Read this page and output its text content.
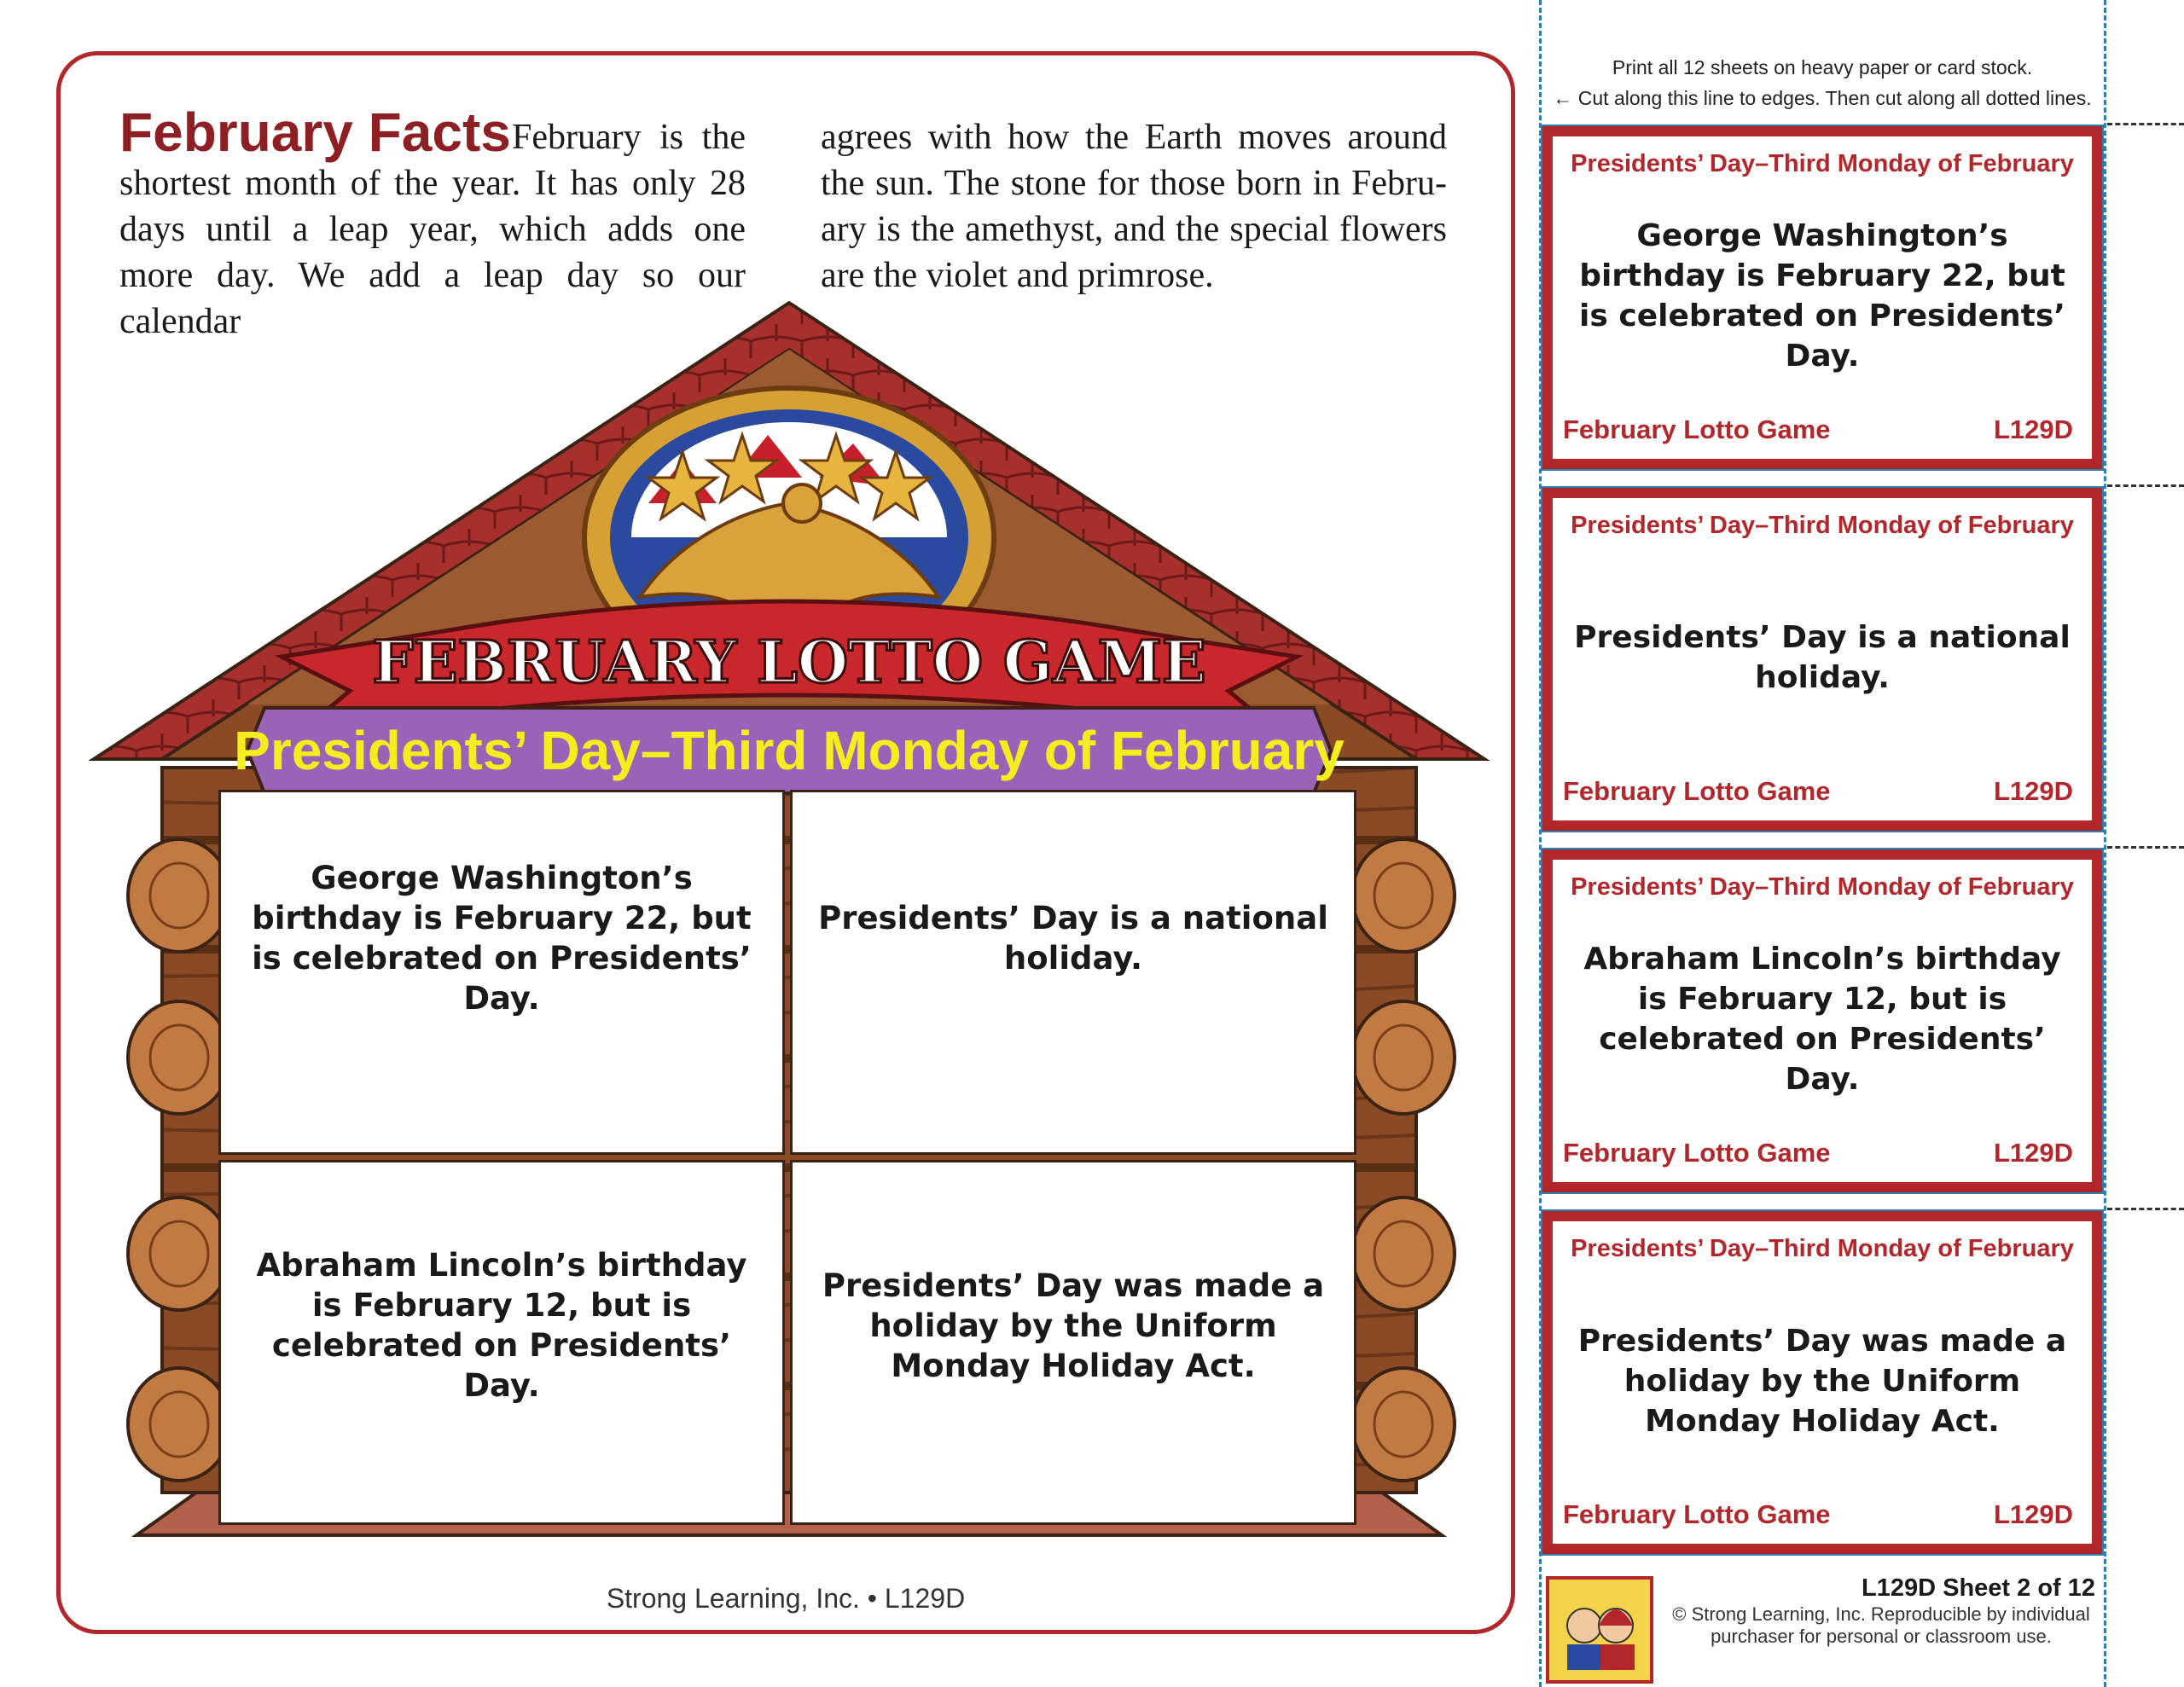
February Facts February is the shortest month of the year. It has only 28 days until a leap year, which adds one more day. We add a leap day so our calendar
agrees with how the Earth moves around the sun. The stone for those born in Febru-ary is the amethyst, and the special flowers are the violet and primrose.
FEBRUARY LOTTO GAME
Presidents’ Day–Third Monday of February
George Washington’s birthday is February 22, but is celebrated on Presidents’ Day.
Presidents’ Day is a national holiday.
Abraham Lincoln’s birthday is February 12, but is celebrated on Presidents’ Day.
Presidents’ Day was made a holiday by the Uniform Monday Holiday Act.
Strong Learning, Inc. • L129D
Print all 12 sheets on heavy paper or card stock.
← Cut along this line to edges. Then cut along all dotted lines.
Presidents’ Day–Third Monday of February
George Washington’s birthday is February 22, but is celebrated on Presidents’ Day.
February Lotto Game	L129D
Presidents’ Day–Third Monday of February
Presidents’ Day is a national holiday.
February Lotto Game	L129D
Presidents’ Day–Third Monday of February
Abraham Lincoln’s birthday is February 12, but is celebrated on Presidents’ Day.
February Lotto Game	L129D
Presidents’ Day–Third Monday of February
Presidents’ Day was made a holiday by the Uniform Monday Holiday Act.
February Lotto Game	L129D
L129D Sheet 2 of 12
© Strong Learning, Inc. Reproducible by individual purchaser for personal or classroom use.
